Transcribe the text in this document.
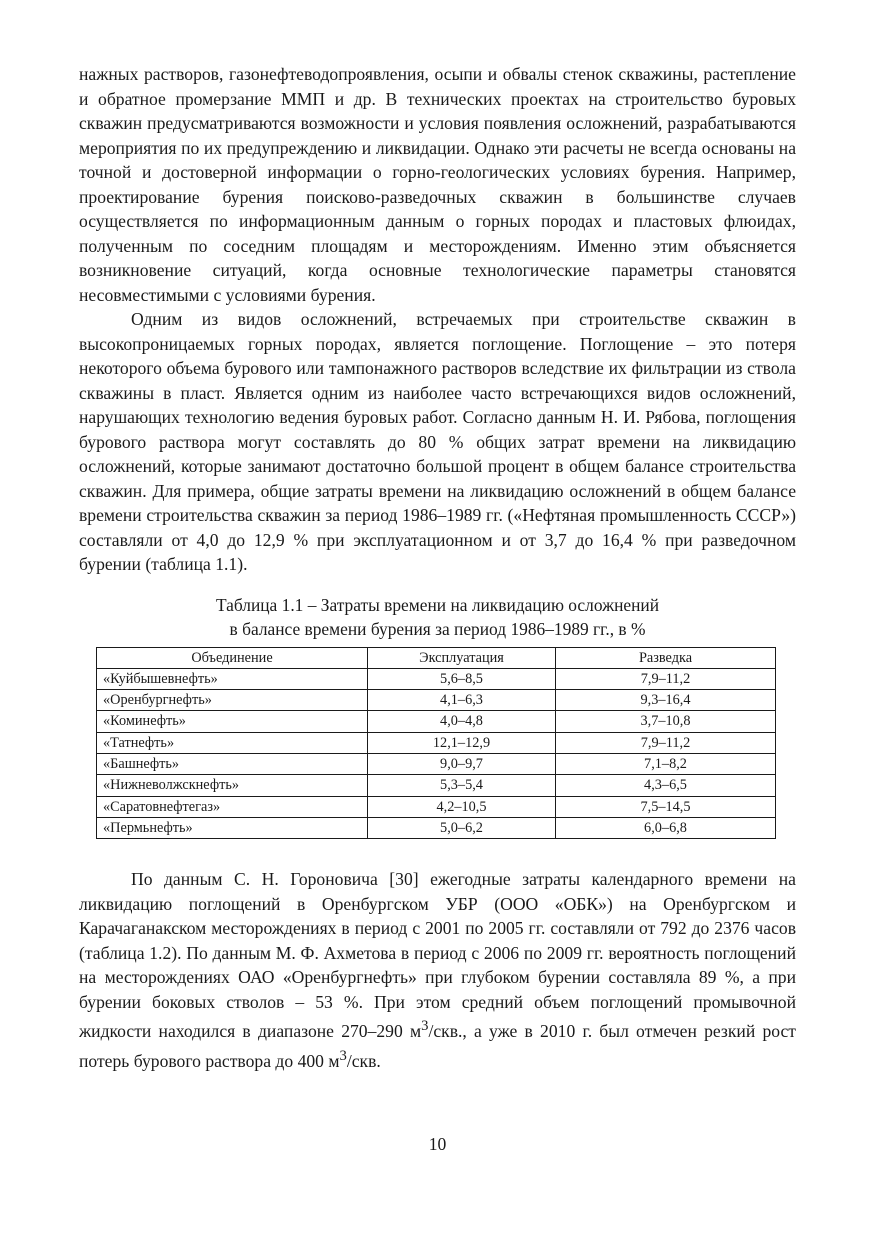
нажных растворов, газонефтеводопроявления, осыпи и обвалы стенок скважины, растепление и обратное промерзание ММП и др. В технических проектах на строительство буровых скважин предусматриваются возможности и условия появления осложнений, разрабатываются мероприятия по их предупреждению и ликвидации. Однако эти расчеты не всегда основаны на точной и достоверной информации о горно-геологических условиях бурения. Например, проектирование бурения поисково-разведочных скважин в большинстве случаев осуществляется по информационным данным о горных породах и пластовых флюидах, полученным по соседним площадям и месторождениям. Именно этим объясняется возникновение ситуаций, когда основные технологические параметры становятся несовместимыми с условиями бурения.

Одним из видов осложнений, встречаемых при строительстве скважин в высокопроницаемых горных породах, является поглощение. Поглощение – это потеря некоторого объема бурового или тампонажного растворов вследствие их фильтрации из ствола скважины в пласт. Является одним из наиболее часто встречающихся видов осложнений, нарушающих технологию ведения буровых работ. Согласно данным Н. И. Рябова, поглощения бурового раствора могут составлять до 80 % общих затрат времени на ликвидацию осложнений, которые занимают достаточно большой процент в общем балансе строительства скважин. Для примера, общие затраты времени на ликвидацию осложнений в общем балансе времени строительства скважин за период 1986–1989 гг. («Нефтяная промышленность СССР») составляли от 4,0 до 12,9 % при эксплуатационном и от 3,7 до 16,4 % при разведочном бурении (таблица 1.1).

Таблица 1.1 – Затраты времени на ликвидацию осложнений
в балансе времени бурения за период 1986–1989 гг., в %

Объединение	Эксплуатация	Разведка
«Куйбышевнефть»	5,6–8,5	7,9–11,2
«Оренбургнефть»	4,1–6,3	9,3–16,4
«Коминефть»	4,0–4,8	3,7–10,8
«Татнефть»	12,1–12,9	7,9–11,2
«Башнефть»	9,0–9,7	7,1–8,2
«Нижневолжскнефть»	5,3–5,4	4,3–6,5
«Саратовнефтегаз»	4,2–10,5	7,5–14,5
«Пермьнефть»	5,0–6,2	6,0–6,8

По данным С. Н. Гороновича [30] ежегодные затраты календарного времени на ликвидацию поглощений в Оренбургском УБР (ООО «ОБК») на Оренбургском и Карачаганакском месторождениях в период с 2001 по 2005 гг. составляли от 792 до 2376 часов (таблица 1.2). По данным М. Ф. Ахметова в период с 2006 по 2009 гг. вероятность поглощений на месторождениях ОАО «Оренбургнефть» при глубоком бурении составляла 89 %, а при бурении боковых стволов – 53 %. При этом средний объем поглощений промывочной жидкости находился в диапазоне 270–290 $м^3$/скв., а уже в 2010 г. был отмечен резкий рост потерь бурового раствора до 400 $м^3$/скв.

10
